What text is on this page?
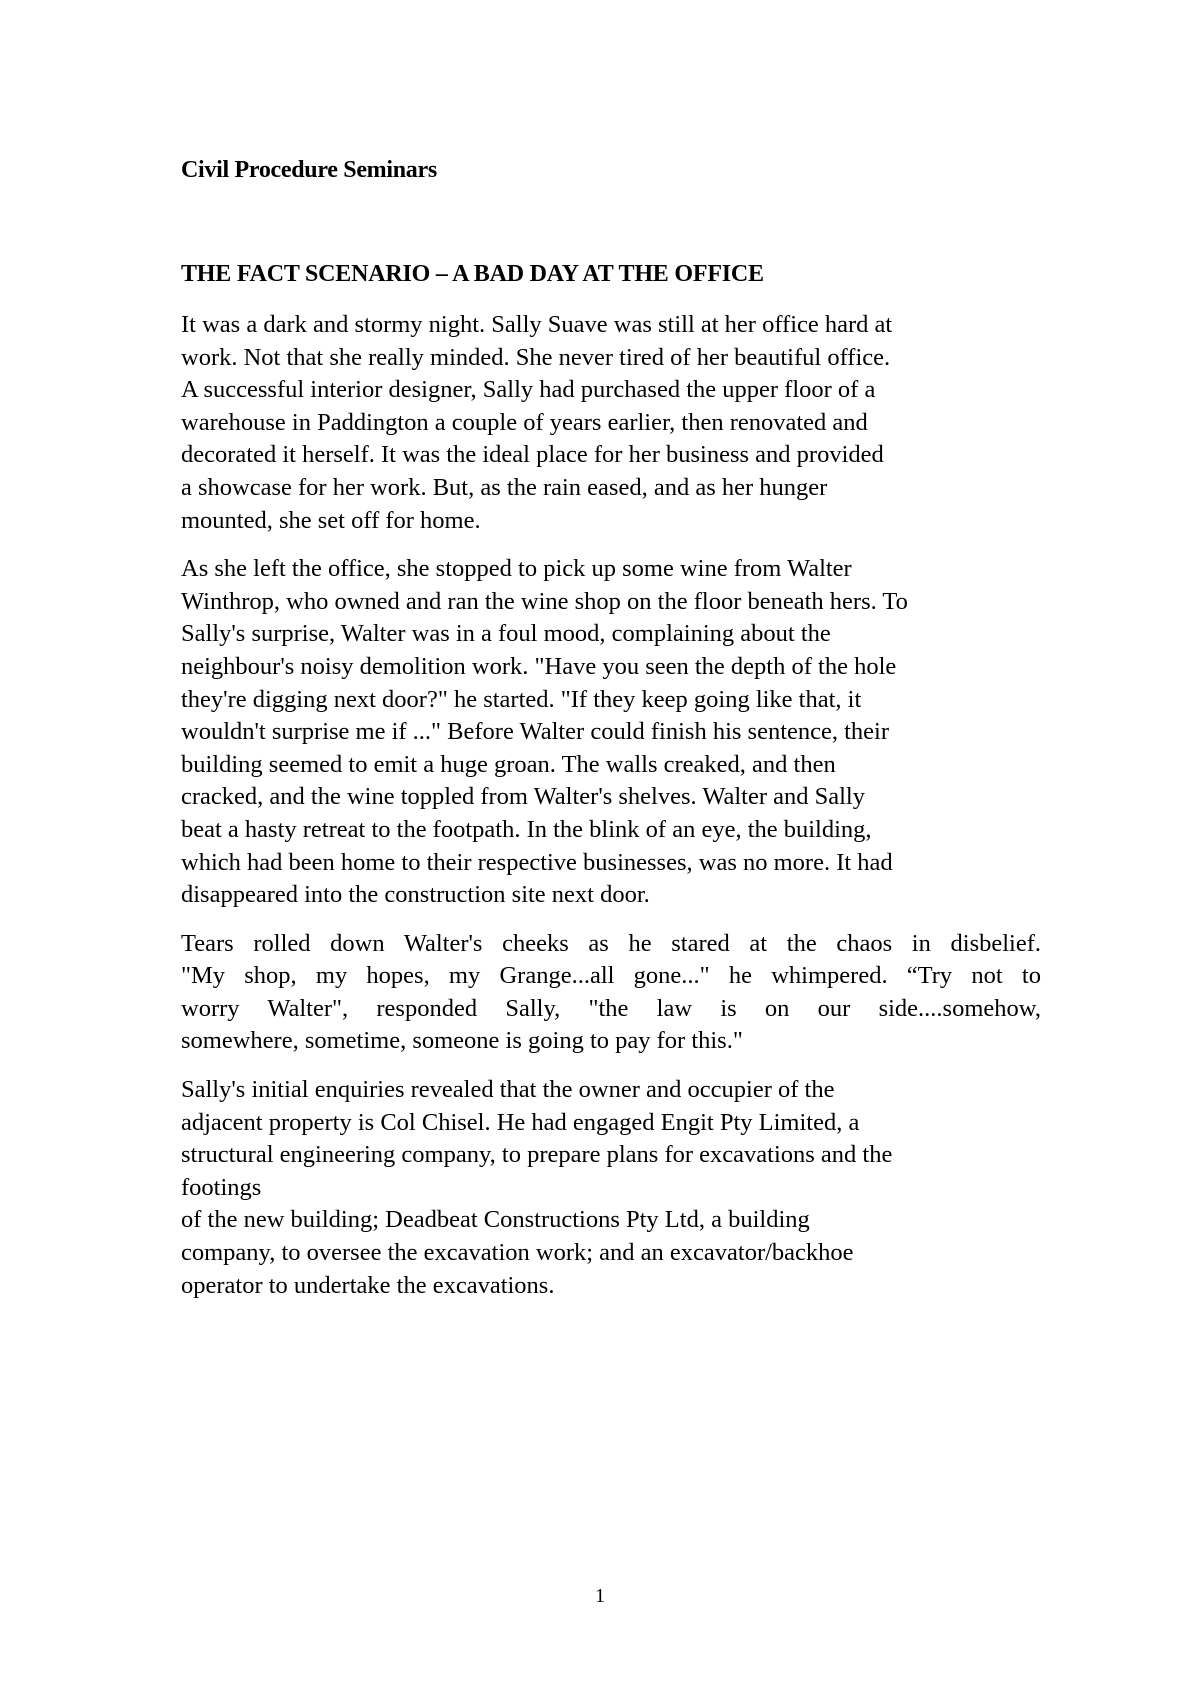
Civil Procedure Seminars
THE FACT SCENARIO – A BAD DAY AT THE OFFICE

It was a dark and stormy night. Sally Suave was still at her office hard at
work. Not that she really minded. She never tired of her beautiful office.
A successful interior designer, Sally had purchased the upper floor of a
warehouse in Paddington a couple of years earlier, then renovated and
decorated it herself. It was the ideal place for her business and provided
a showcase for her work. But, as the rain eased, and as her hunger
mounted, she set off for home.

As she left the office, she stopped to pick up some wine from Walter
Winthrop, who owned and ran the wine shop on the floor beneath hers. To
Sally's surprise, Walter was in a foul mood, complaining about the
neighbour's noisy demolition work. "Have you seen the depth of the hole
they're digging next door?" he started. "If they keep going like that, it
wouldn't surprise me if ..." Before Walter could finish his sentence, their
building seemed to emit a huge groan. The walls creaked, and then
cracked, and the wine toppled from Walter's shelves. Walter and Sally
beat a hasty retreat to the footpath. In the blink of an eye, the building,
which had been home to their respective businesses, was no more. It had
disappeared into the construction site next door.

Tears rolled down Walter's cheeks as he stared at the chaos in disbelief.
"My shop, my hopes, my Grange...all gone..." he whimpered. “Try not to
worry Walter", responded Sally, "the law is on our side....somehow,
somewhere, sometime, someone is going to pay for this."

Sally's initial enquiries revealed that the owner and occupier of the
adjacent property is Col Chisel. He had engaged Engit Pty Limited, a
structural engineering company, to prepare plans for excavations and the
footings
of the new building; Deadbeat Constructions Pty Ltd, a building
company, to oversee the excavation work; and an excavator/backhoe
operator to undertake the excavations.

1
